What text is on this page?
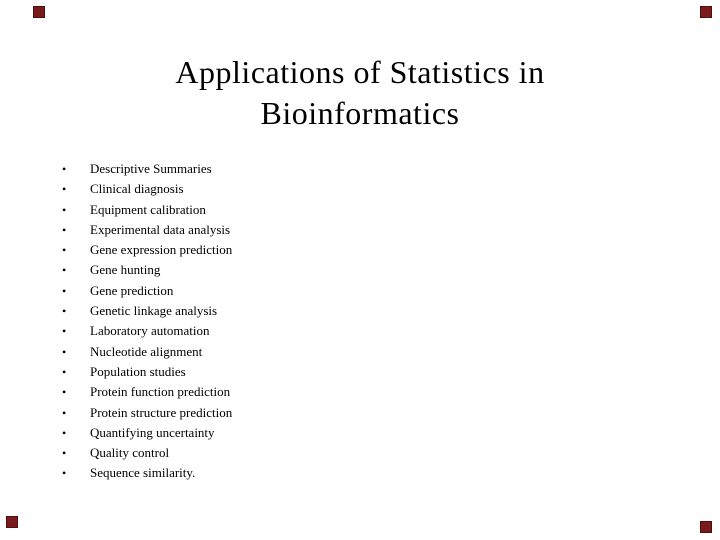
Applications of Statistics in
Bioinformatics
•	Descriptive Summaries
•	Clinical diagnosis
•	Equipment calibration
•	Experimental data analysis
•	Gene expression prediction
•	Gene hunting
•	Gene prediction
•	Genetic linkage analysis
•	Laboratory automation
•	Nucleotide alignment
•	Population studies
•	Protein function prediction
•	Protein structure prediction
•	Quantifying uncertainty
•	Quality control
•	Sequence similarity.
